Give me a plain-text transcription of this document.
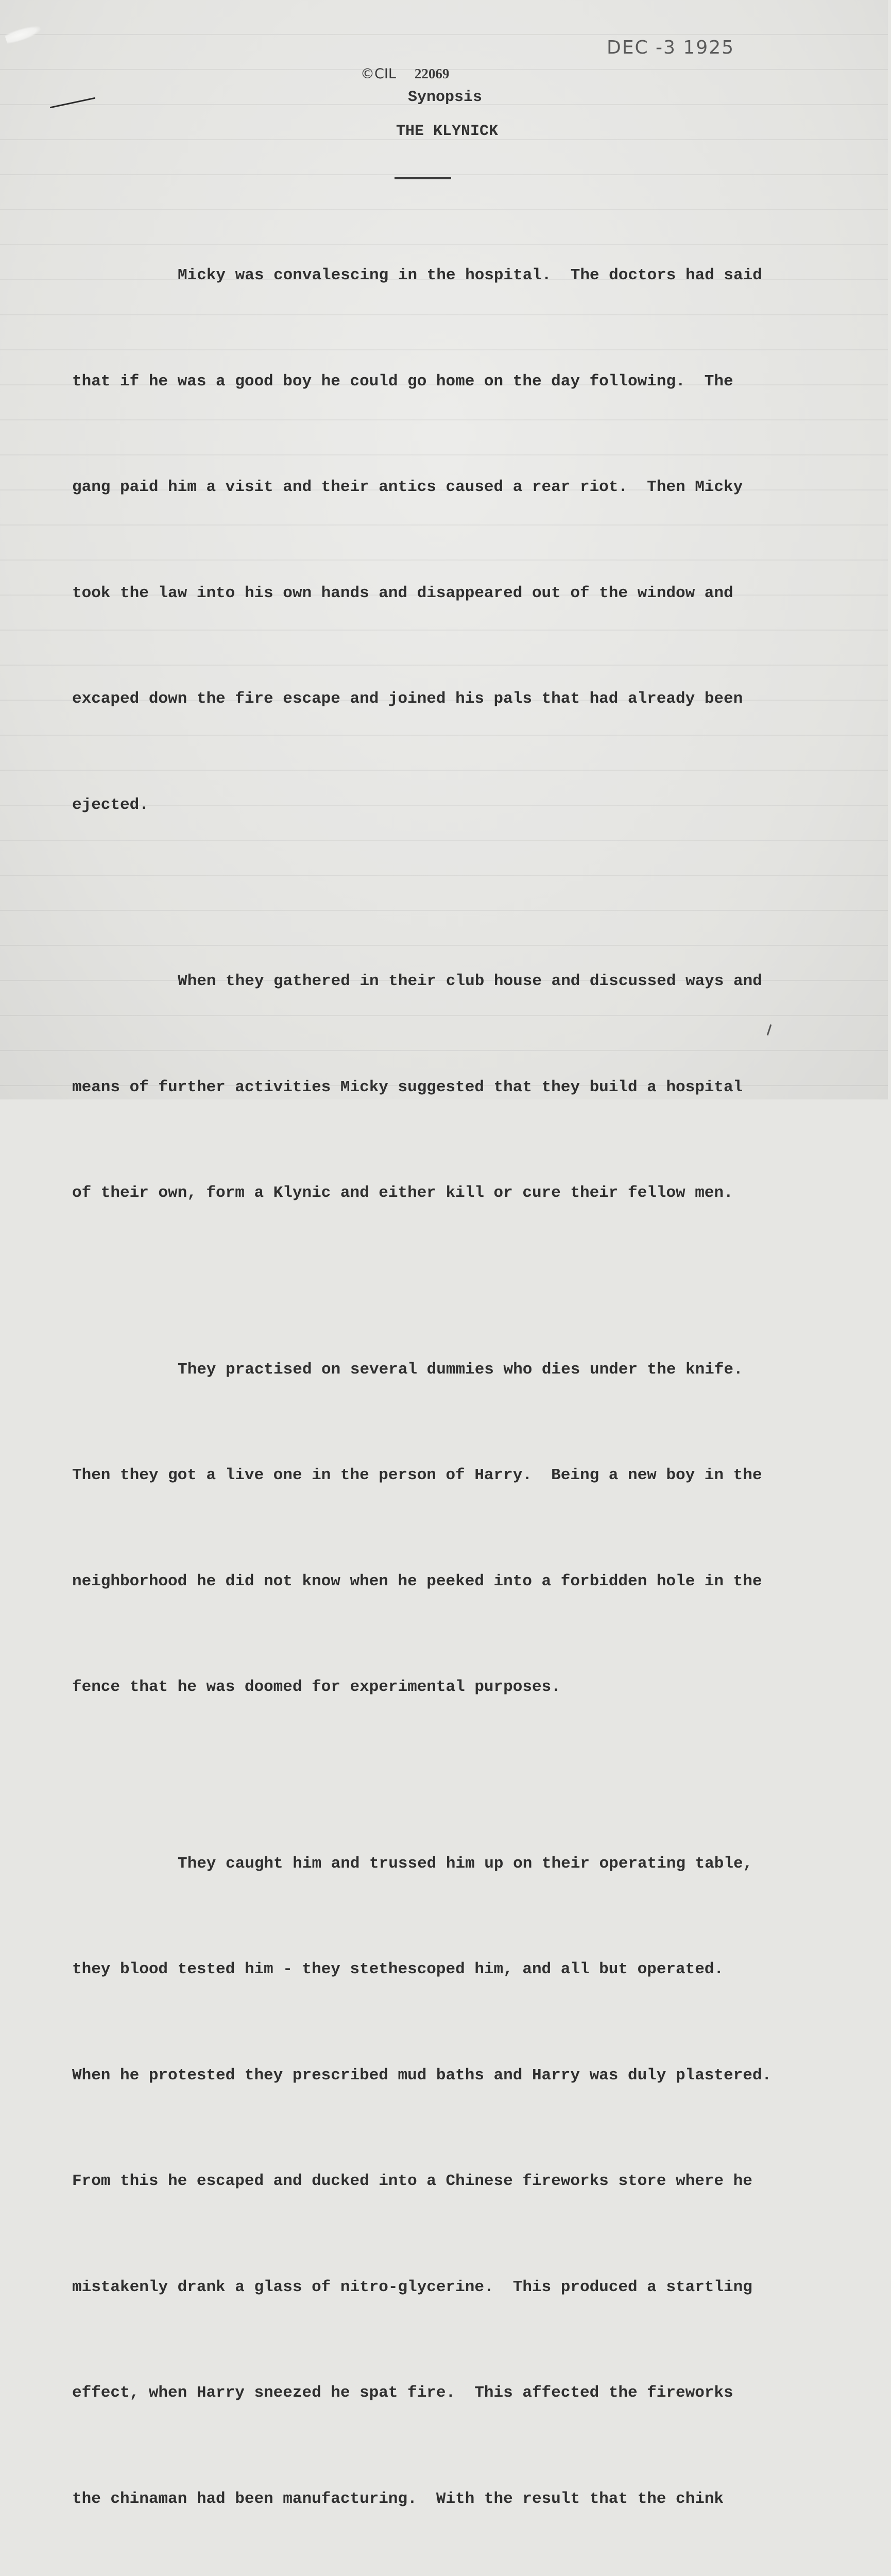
DEC -3 1925
©CIL 22069
Synopsis
THE KLYNICK

Micky was convalescing in the hospital.  The doctors had said

that if he was a good boy he could go home on the day following.  The

gang paid him a visit and their antics caused a rear riot.  Then Micky

took the law into his own hands and disappeared out of the window and

excaped down the fire escape and joined his pals that had already been

ejected.

When they gathered in their club house and discussed ways and

means of further activities Micky suggested that they build a hospital

of their own, form a Klynic and either kill or cure their fellow men.

They practised on several dummies who dies under the knife.

Then they got a live one in the person of Harry.  Being a new boy in the

neighborhood he did not know when he peeked into a forbidden hole in the

fence that he was doomed for experimental purposes.

They caught him and trussed him up on their operating table,

they blood tested him - they stethescoped him, and all but operated.

When he protested they prescribed mud baths and Harry was duly plastered.

From this he escaped and ducked into a Chinese fireworks store where he

mistakenly drank a glass of nitro-glycerine.  This produced a startling

effect, when Harry sneezed he spat fire.  This affected the fireworks

the chinaman had been manufacturing.  With the result that the chink
